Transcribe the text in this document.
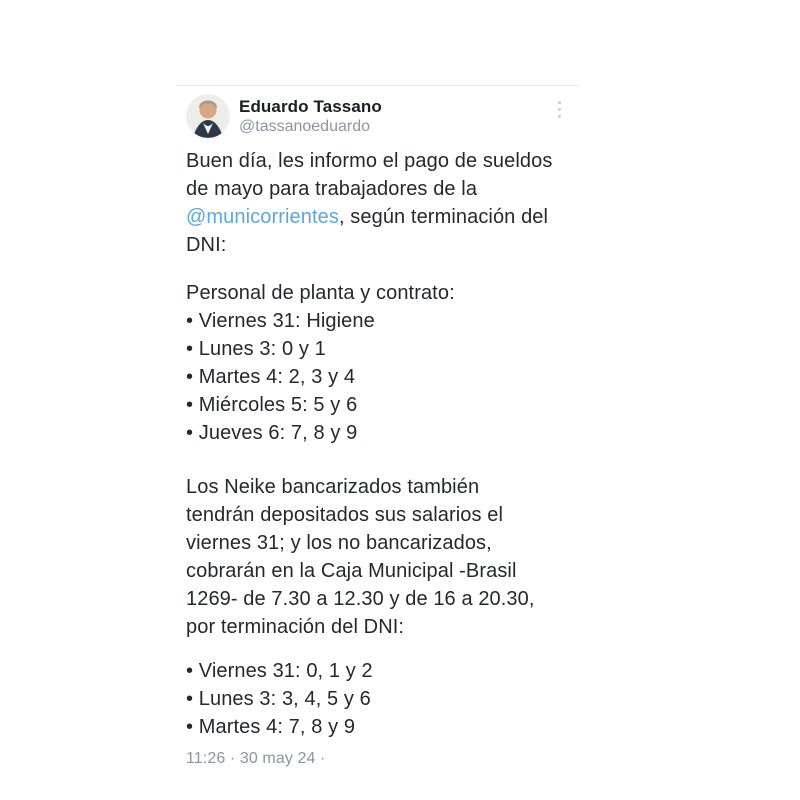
Eduardo Tassano
@tassanoeduardo
Buen día, les informo el pago de sueldos
de mayo para trabajadores de la
@municorrientes, según terminación del
DNI:
Personal de planta y contrato:
• Viernes 31: Higiene
• Lunes 3: 0 y 1
• Martes 4: 2, 3 y 4
• Miércoles 5: 5 y 6
• Jueves 6: 7, 8 y 9
Los Neike bancarizados también
tendrán depositados sus salarios el
viernes 31; y los no bancarizados,
cobrarán en la Caja Municipal -Brasil
1269- de 7.30 a 12.30 y de 16 a 20.30,
por terminación del DNI:
• Viernes 31: 0, 1 y 2
• Lunes 3: 3, 4, 5 y 6
• Martes 4: 7, 8 y 9
11:26 · 30 may 24 ·
